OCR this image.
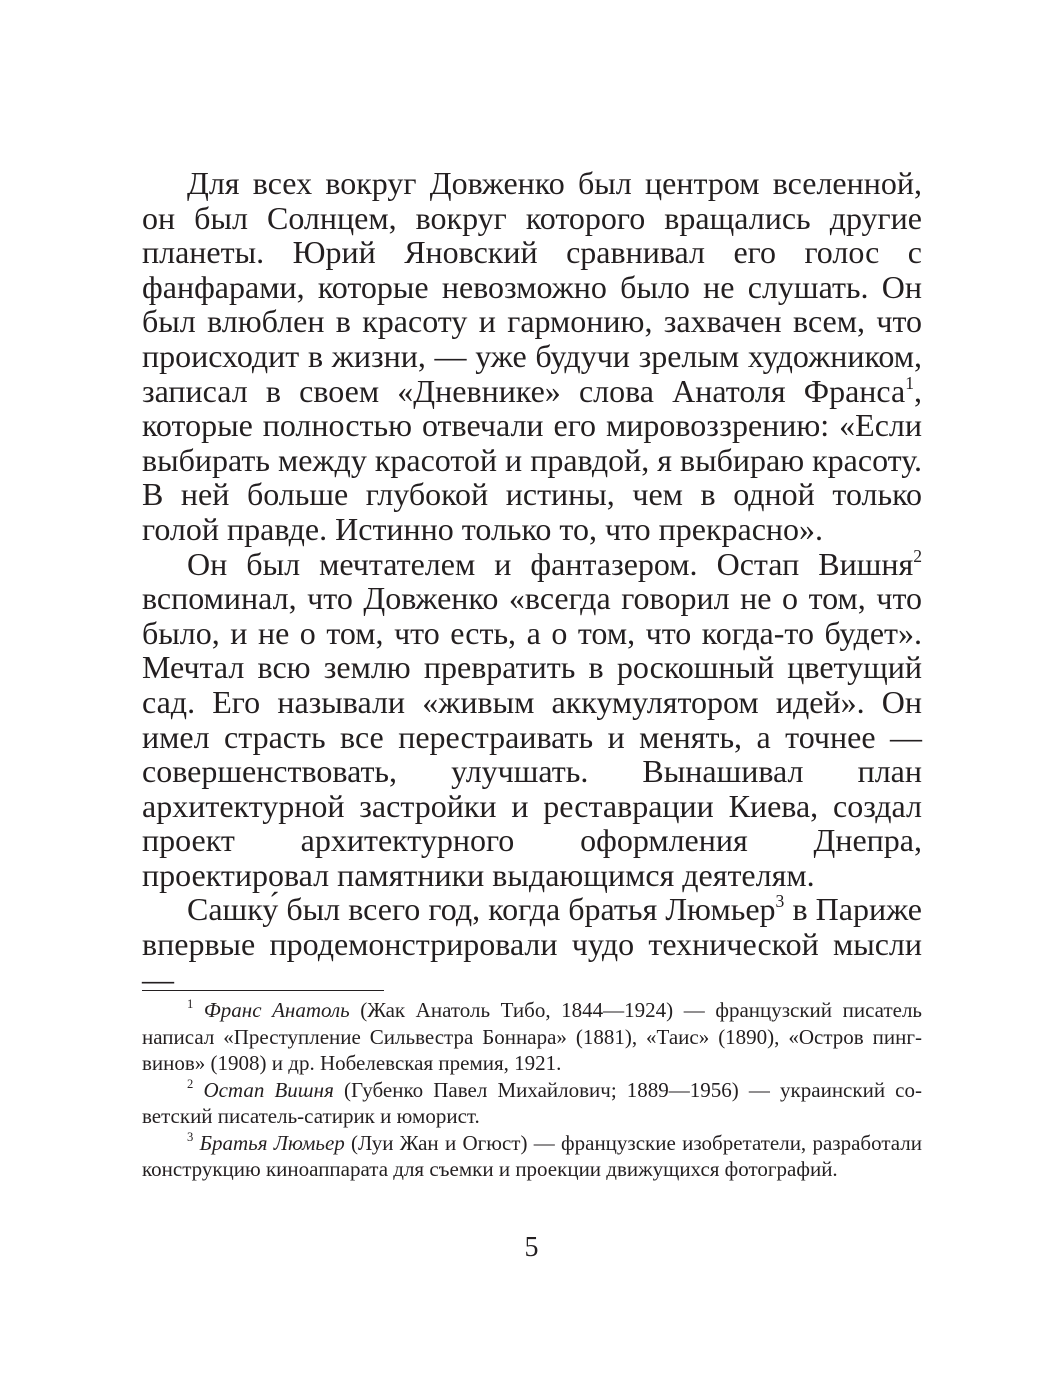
Для всех вокруг Довженко был центром вселенной, он был Солнцем, вокруг которого вращались другие планеты. Юрий Яновский сравнивал его голос с фанфарами, которые невозможно было не слушать. Он был влюблен в красоту и гармонию, захвачен всем, что происходит в жизни, — уже будучи зрелым художником, записал в своем «Дневнике» слова Анатоля Франса$^1$, которые полностью отвечали его мировоззрению: «Если выбирать между красотой и правдой, я выбираю красоту. В ней больше глубокой истины, чем в одной только голой правде. Истинно только то, что прекрасно».

Он был мечтателем и фантазером. Остап Вишня$^2$ вспоминал, что Довженко «всегда говорил не о том, что было, и не о том, что есть, а о том, что когда-то будет». Мечтал всю землю превратить в роскошный цветущий сад. Его называли «живым аккумулятором идей». Он имел страсть все перестраивать и менять, а точнее — совершенствовать, улучшать. Вынашивал план архитектурной застройки и реставрации Киева, создал проект архитектурного оформления Днепра, проектировал памятники выдающимся деятелям.

Сашку́ был всего год, когда братья Люмьер$^3$ в Париже впервые продемонстрировали чудо технической мысли —

$^1$ Франс Анатоль (Жак Анатоль Тибо, 1844—1924) — французский писатель написал «Преступление Сильвестра Боннара» (1881), «Таис» (1890), «Остров пингвинов» (1908) и др. Нобелевская премия, 1921.

$^2$ Остап Вишня (Губенко Павел Михайлович; 1889—1956) — украинский советский писатель-сатирик и юморист.

$^3$ Братья Люмьер (Луи Жан и Огюст) — французские изобретатели, разработали конструкцию киноаппарата для съемки и проекции движущихся фотографий.

5
